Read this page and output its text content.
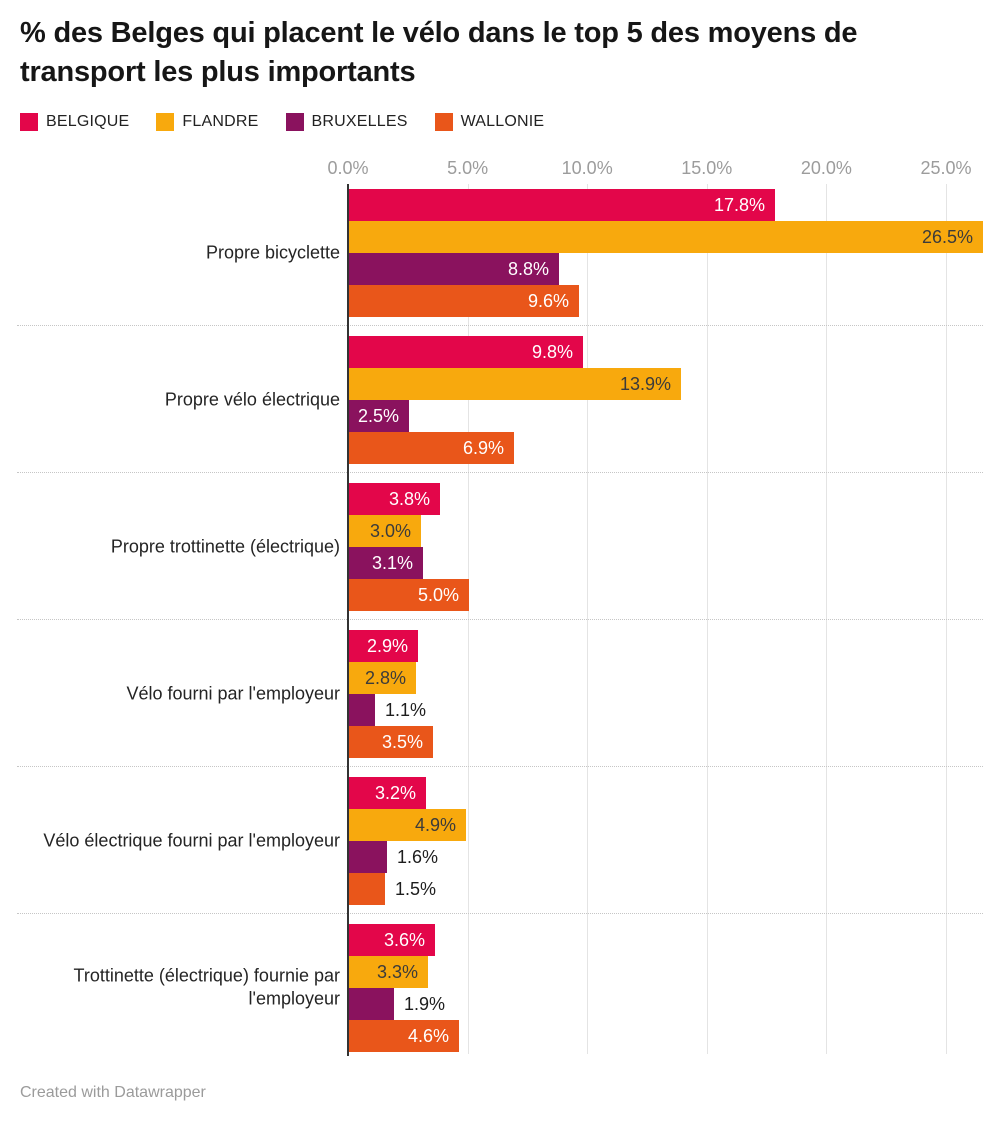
% des Belges qui placent le vélo dans le top 5 des moyens de transport les plus importants
BELGIQUE	FLANDRE	BRUXELLES	WALLONIE
Created with Datawrapper
0.0%	5.0%	10.0%	15.0%	20.0%	25.0%
Propre bicyclette
17.8%
26.5%
8.8%
9.6%
Propre vélo électrique
9.8%
13.9%
2.5%
6.9%
Propre trottinette (électrique)
3.8%
3.0%
3.1%
5.0%
Vélo fourni par l'employeur
2.9%
2.8%
1.1%
3.5%
Vélo électrique fourni par l'employeur
3.2%
4.9%
1.6%
1.5%
Trottinette (électrique) fournie par l'employeur
3.6%
3.3%
1.9%
4.6%
